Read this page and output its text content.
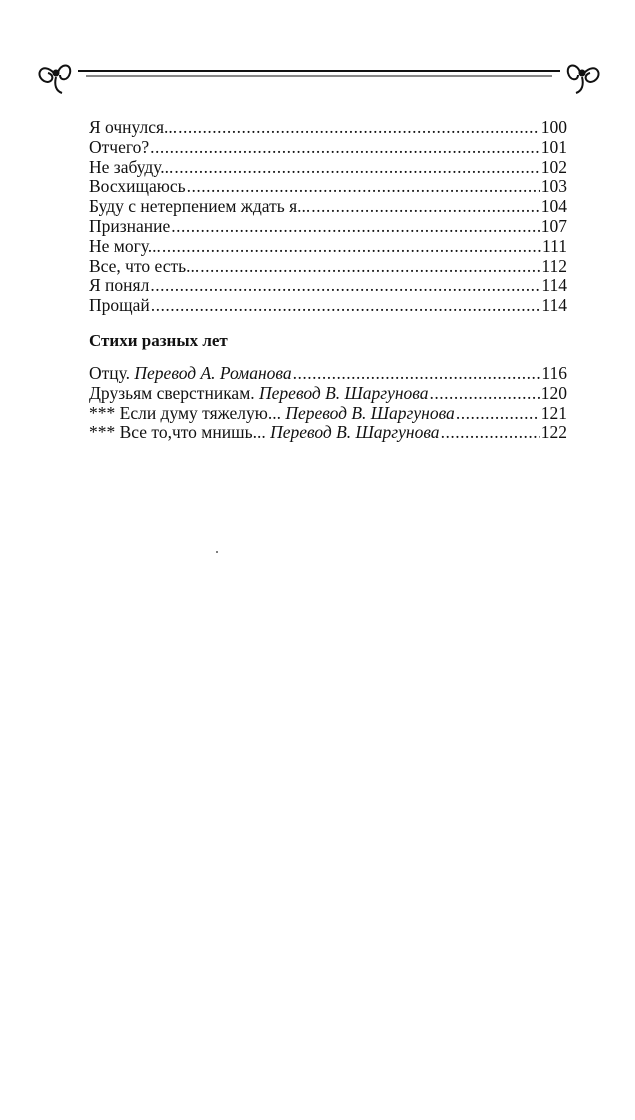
Я очнулся... .....	100
Отчего? .....	101
Не забуду... .....	102
Восхищаюсь .....	103
Буду с нетерпением ждать я... .....	104
Признание .....	107
Не могу... .....	111
Все, что есть... .....	112
Я понял .....	114
Прощай .....	114
Стихи разных лет
Отцу. Перевод А. Романова .....	116
Друзьям сверстникам. Перевод В. Шаргунова .....	120
*** Если думу тяжелую... Перевод В. Шаргунова .....	121
*** Все то,что мнишь... Перевод В. Шаргунова .....	122
